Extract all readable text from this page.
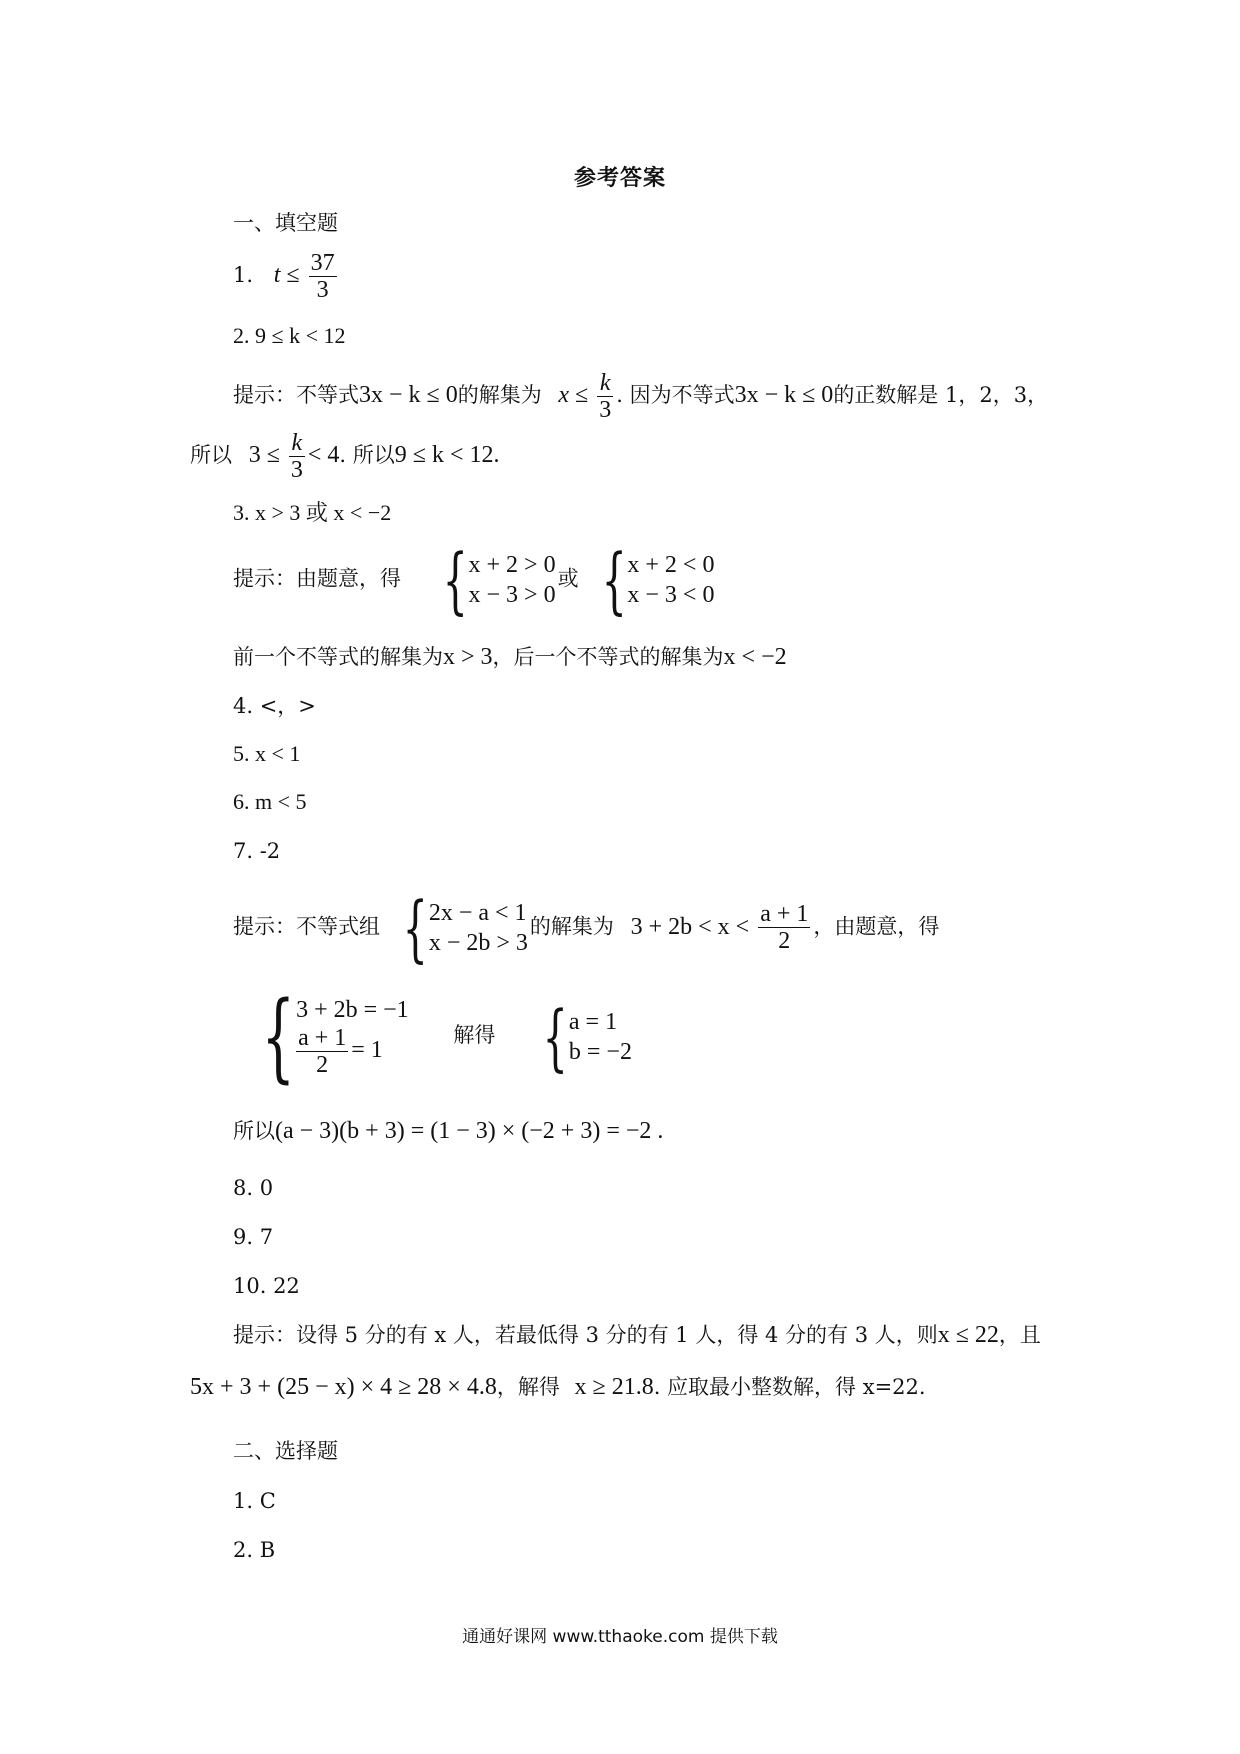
参考答案
一、填空题
1. $t \le \frac{37}{3}$
2. 9 ≤ k < 12
提示：不等式3x − k ≤ 0的解集为 $x \le \frac{k}{3}$ . 因为不等式3x − k ≤ 0的正数解是 1，2，3，
所以 $3 \le \frac{k}{3} < 4$. 所以9 ≤ k < 12.
3. x > 3 或 x < −2
提示：由题意，得 { x + 2 > 0
x − 3 > 0
或 { x + 2 < 0
x − 3 < 0
前一个不等式的解集为x > 3，后一个不等式的解集为x < −2
4. <，>
5. x < 1
6. m < 5
7. -2
提示：不等式组 { 2x − a < 1
x − 2b > 3
的解集为 $3 + 2b < x < \frac{a + 1}{2}$ ，由题意，得
{ 3 + 2b = −1
$\frac{a + 1}{2} = 1$
解得 { a = 1
b = −2
所以(a − 3)(b + 3) = (1 − 3) × (−2 + 3) = −2 .
8. 0
9. 7
10. 22
提示：设得 5 分的有 x 人，若最低得 3 分的有 1 人，得 4 分的有 3 人，则x ≤ 22，且
5x + 3 + (25 − x) × 4 ≥ 28 × 4.8，解得 x ≥ 21.8. 应取最小整数解，得 x=22.
二、选择题
1. C
2. B
通通好课网 www.tthaoke.com 提供下载
